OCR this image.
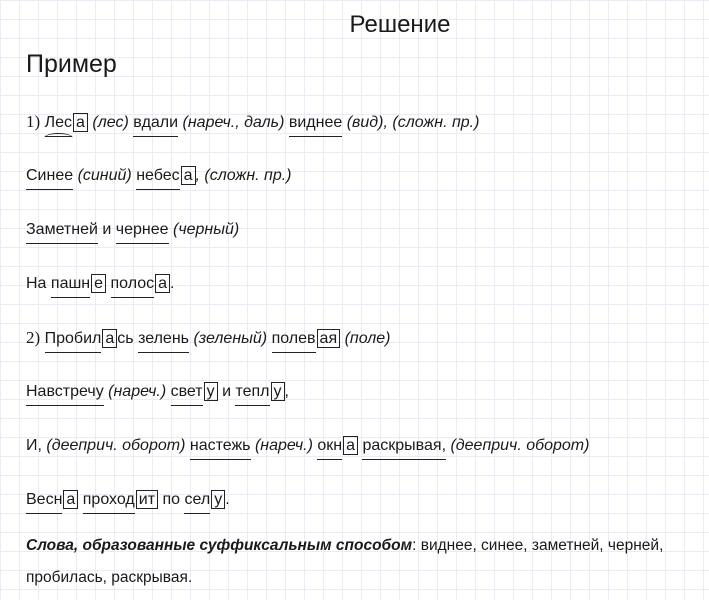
Решение
Пример
1) Лес а (лес) вдали (нареч., даль) виднее (вид), (сложн. пр.)
Синее (синий) небес а , (сложн. пр.)
Заметней и чернее (черный)
На пашн е полос а .
2) Пробил а сь зелень (зеленый) полев ая (поле)
Навстречу (нареч.) свет у и тепл у ,
И, (дееприч. оборот) настежь (нареч.) окн а раскрывая, (дееприч. оборот)
Весн а проход ит по сел у .
Слова, образованные суффиксальным способом: виднее, синее, заметней, черней, пробилась, раскрывая.
